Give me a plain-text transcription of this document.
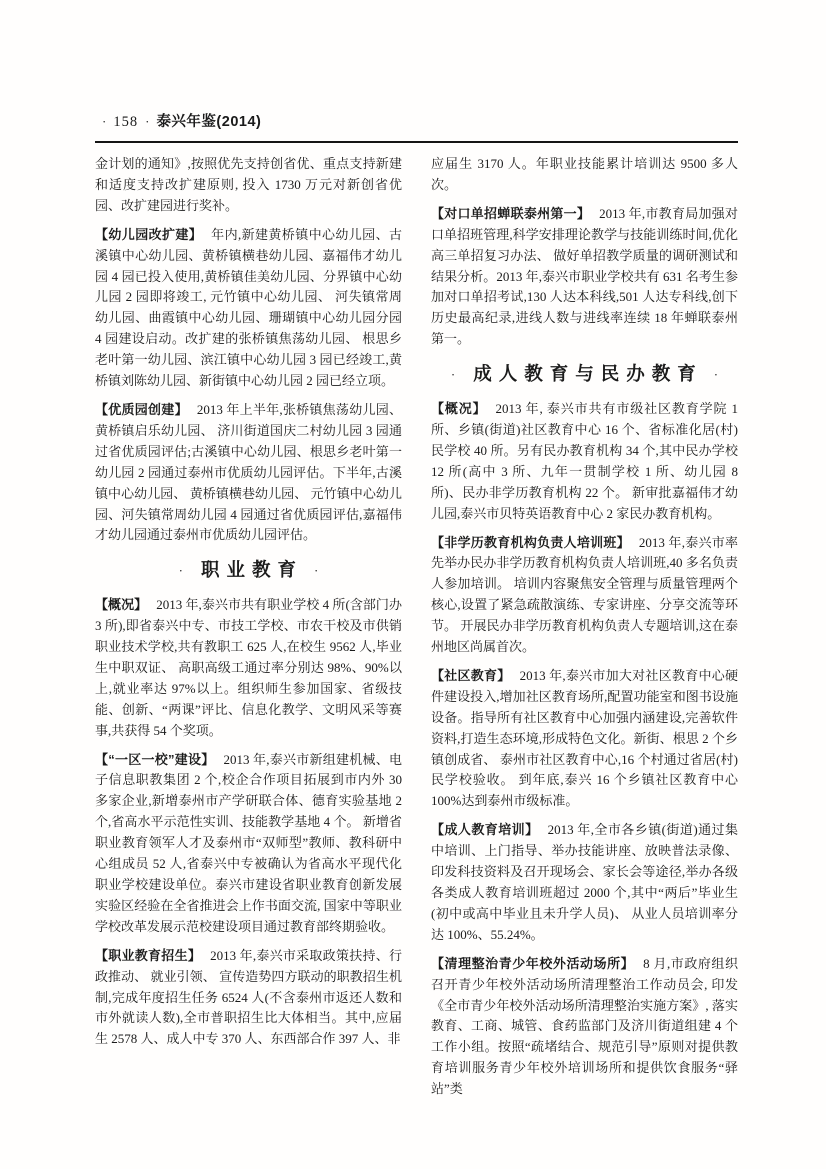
· 158 · 泰兴年鉴(2014)

金计划的通知》,按照优先支持创省优、重点支持新建和适度支持改扩建原则, 投入 1730 万元对新创省优园、改扩建园进行奖补。

【幼儿园改扩建】 年内,新建黄桥镇中心幼儿园、古溪镇中心幼儿园、黄桥镇横巷幼儿园、嘉福伟才幼儿园 4 园已投入使用,黄桥镇佳美幼儿园、分界镇中心幼儿园 2 园即将竣工, 元竹镇中心幼儿园、 河失镇常周幼儿园、曲霞镇中心幼儿园、珊瑚镇中心幼儿园分园 4 园建设启动。改扩建的张桥镇焦荡幼儿园、 根思乡老叶第一幼儿园、滨江镇中心幼儿园 3 园已经竣工,黄桥镇刘陈幼儿园、新街镇中心幼儿园 2 园已经立项。

【优质园创建】 2013 年上半年,张桥镇焦荡幼儿园、黄桥镇启乐幼儿园、 济川街道国庆二村幼儿园 3 园通过省优质园评估;古溪镇中心幼儿园、根思乡老叶第一幼儿园 2 园通过泰州市优质幼儿园评估。下半年,古溪镇中心幼儿园、 黄桥镇横巷幼儿园、 元竹镇中心幼儿园、河失镇常周幼儿园 4 园通过省优质园评估,嘉福伟才幼儿园通过泰州市优质幼儿园评估。

· 职业教育 ·

【概况】 2013 年,泰兴市共有职业学校 4 所(含部门办 3 所),即省泰兴中专、市技工学校、市农干校及市供销职业技术学校,共有教职工 625 人,在校生 9562 人,毕业生中职双证、 高职高级工通过率分别达 98%、90%以上,就业率达 97%以上。组织师生参加国家、省级技能、创新、“两课”评比、信息化教学、文明风采等赛事,共获得 54 个奖项。

【“一区一校”建设】 2013 年,泰兴市新组建机械、电子信息职教集团 2 个,校企合作项目拓展到市内外 30 多家企业,新增泰州市产学研联合体、德育实验基地 2 个,省高水平示范性实训、技能教学基地 4 个。 新增省职业教育领军人才及泰州市“双师型”教师、教科研中心组成员 52 人,省泰兴中专被确认为省高水平现代化职业学校建设单位。泰兴市建设省职业教育创新发展实验区经验在全省推进会上作书面交流, 国家中等职业学校改革发展示范校建设项目通过教育部终期验收。

【职业教育招生】 2013 年,泰兴市采取政策扶持、行政推动、 就业引领、 宣传造势四方联动的职教招生机制,完成年度招生任务 6524 人(不含泰州市返还人数和市外就读人数),全市普职招生比大体相当。其中,应届生 2578 人、成人中专 370 人、东西部合作 397 人、非

应届生 3170 人。年职业技能累计培训达 9500 多人次。

【对口单招蝉联泰州第一】 2013 年,市教育局加强对口单招班管理,科学安排理论教学与技能训练时间,优化高三单招复习办法、 做好单招教学质量的调研测试和结果分析。2013 年,泰兴市职业学校共有 631 名考生参加对口单招考试,130 人达本科线,501 人达专科线,创下历史最高纪录,进线人数与进线率连续 18 年蝉联泰州第一。

· 成人教育与民办教育 ·

【概况】 2013 年, 泰兴市共有市级社区教育学院 1 所、乡镇(街道)社区教育中心 16 个、省标准化居(村)民学校 40 所。另有民办教育机构 34 个,其中民办学校 12 所(高中 3 所、九年一贯制学校 1 所、幼儿园 8 所)、民办非学历教育机构 22 个。 新审批嘉福伟才幼儿园,泰兴市贝特英语教育中心 2 家民办教育机构。

【非学历教育机构负责人培训班】 2013 年,泰兴市率先举办民办非学历教育机构负责人培训班,40 多名负责人参加培训。 培训内容聚焦安全管理与质量管理两个核心,设置了紧急疏散演练、专家讲座、分享交流等环节。 开展民办非学历教育机构负责人专题培训,这在泰州地区尚属首次。

【社区教育】 2013 年,泰兴市加大对社区教育中心硬件建设投入,增加社区教育场所,配置功能室和图书设施设备。指导所有社区教育中心加强内涵建设,完善软件资料,打造生态环境,形成特色文化。新街、根思 2 个乡镇创成省、 泰州市社区教育中心,16 个村通过省居(村)民学校验收。 到年底,泰兴 16 个乡镇社区教育中心 100%达到泰州市级标准。

【成人教育培训】 2013 年,全市各乡镇(街道)通过集中培训、上门指导、举办技能讲座、放映普法录像、印发科技资料及召开现场会、家长会等途径,举办各级各类成人教育培训班超过 2000 个,其中“两后”毕业生(初中或高中毕业且未升学人员)、 从业人员培训率分达 100%、55.24%。

【清理整治青少年校外活动场所】 8 月,市政府组织召开青少年校外活动场所清理整治工作动员会, 印发《全市青少年校外活动场所清理整治实施方案》, 落实教育、工商、城管、食药监部门及济川街道组建 4 个工作小组。按照“疏堵结合、规范引导”原则对提供教育培训服务青少年校外培训场所和提供饮食服务“驿站”类
